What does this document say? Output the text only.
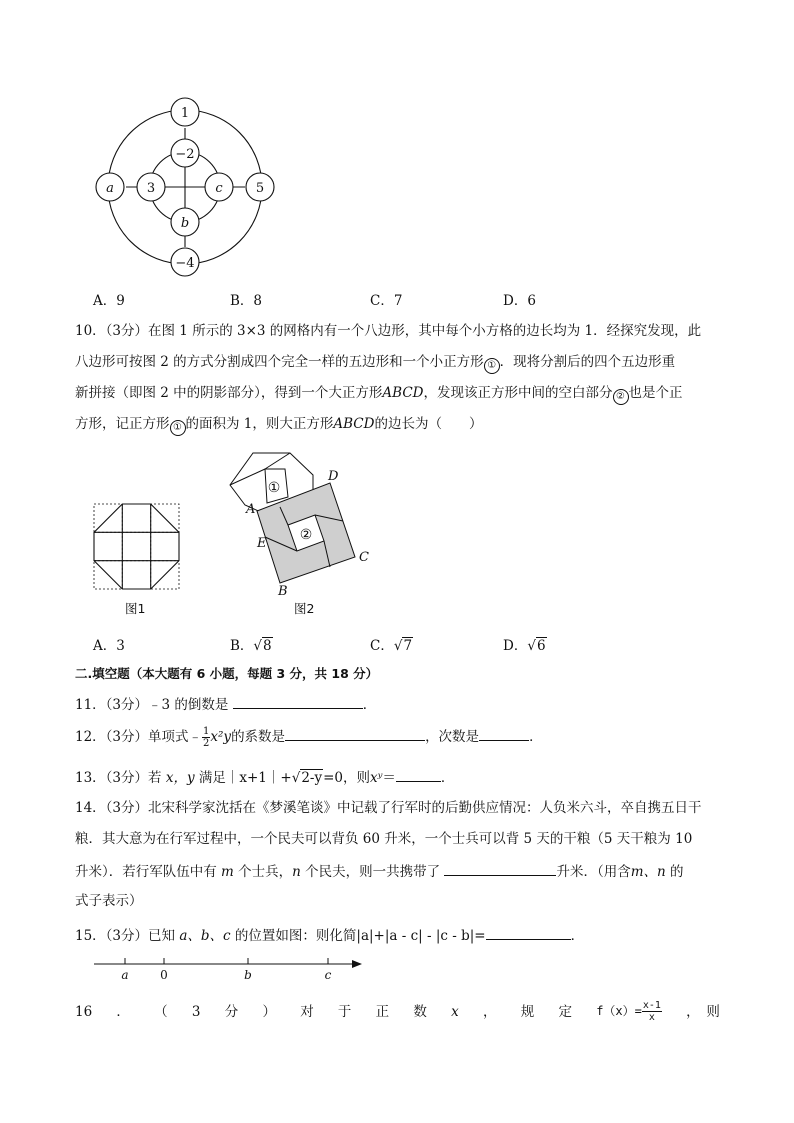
1
−4
a	5
−2
b
3	c
A．9	B．8	C．7	D．6
10．（3分）在图 1 所示的 3×3 的网格内有一个八边形，其中每个小方格的边长均为 1．经探究发现，此
八边形可按图 2 的方式分割成四个完全一样的五边形和一个小正方形 ① ．现将分割后的四个五边形重
新拼接（即图 2 中的阴影部分），得到一个大正方形ABCD，发现该正方形中间的空白部分 ② 也是个正
方形，记正方形 ① 的面积为 1，则大正方形ABCD的边长为（　　）
图1
A
D
C
B
E
①
②
图2
A．3	B．√8	C．√7	D．√6
二.填空题（本大题有 6 小题，每题 3 分，共 18 分）
11．（3分）﹣3 的倒数是	．
12．（3分）单项式﹣ $\frac{1}{2} x^2y$的系数是	，次数是	．
13．（3分）若 x，y 满足｜x+1｜+√2-y=0，则xʸ＝	．
14．（3分）北宋科学家沈括在《梦溪笔谈》中记载了行军时的后勤供应情况：人负米六斗，卒自携五日干
粮．其大意为在行军过程中，一个民夫可以背负 60 升米，一个士兵可以背 5 天的干粮（5 天干粮为 10
升米）．若行军队伍中有 m 个士兵，n 个民夫，则一共携带了	升米．（用含m、n 的
式子表示）
15．（3分）已知 a、b、c 的位置如图：则化简|a|+|a - c| - |c - b|=	．
a	0	b	c
16 ． （ 3 分 ） 对 于 正 数 x ， 规 定 $f(x)= \frac{x-1}{x}$ ，　则
